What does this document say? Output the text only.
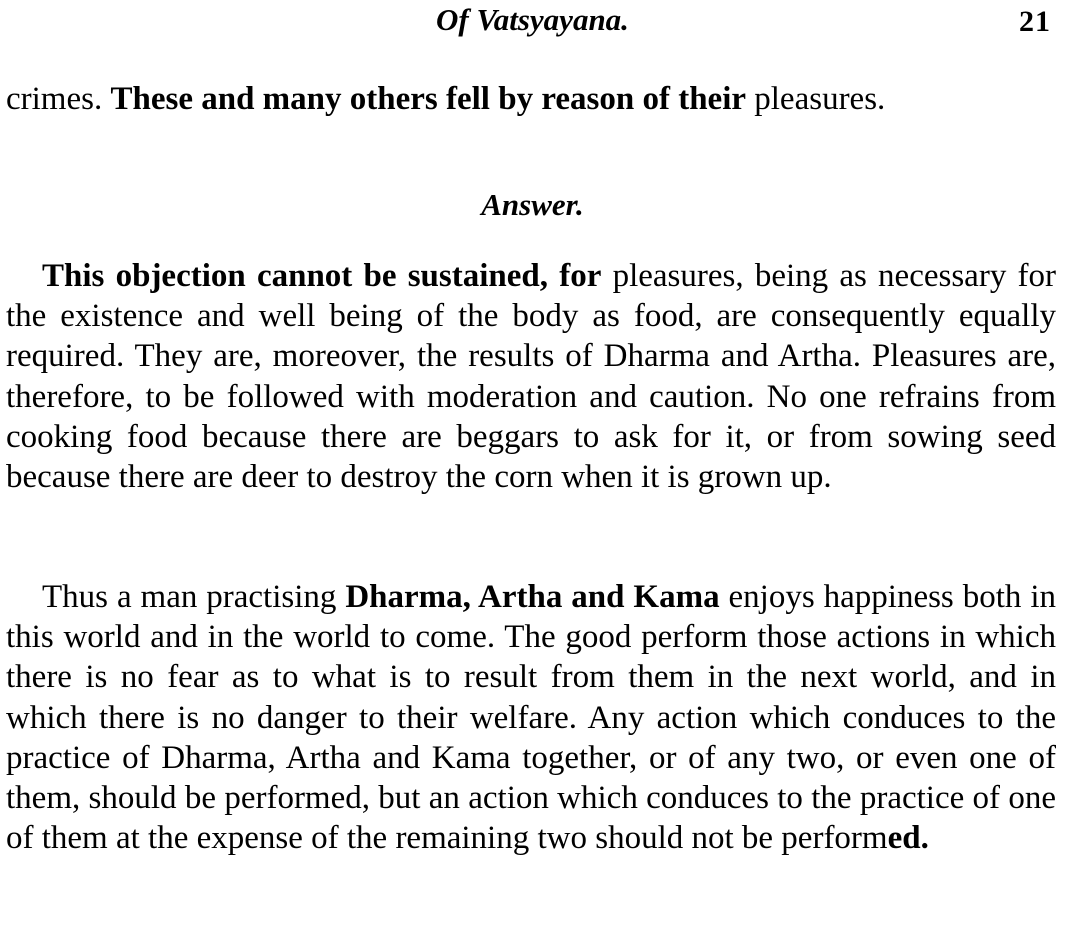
Of Vatsyayana.	21

crimes. These and many others fell by reason of their pleasures.

Answer.

This objection cannot be sustained, for pleasures, being as necessary for the existence and well being of the body as food, are consequently equally required. They are, moreover, the results of Dharma and Artha. Pleasures are, therefore, to be followed with moderation and caution. No one refrains from cooking food because there are beggars to ask for it, or from sowing seed because there are deer to destroy the corn when it is grown up.

Thus a man practising Dharma, Artha and Kama enjoys happiness both in this world and in the world to come. The good perform those actions in which there is no fear as to what is to result from them in the next world, and in which there is no danger to their welfare. Any action which conduces to the practice of Dharma, Artha and Kama together, or of any two, or even one of them, should be performed, but an action which conduces to the practice of one of them at the expense of the remaining two should not be performed.
